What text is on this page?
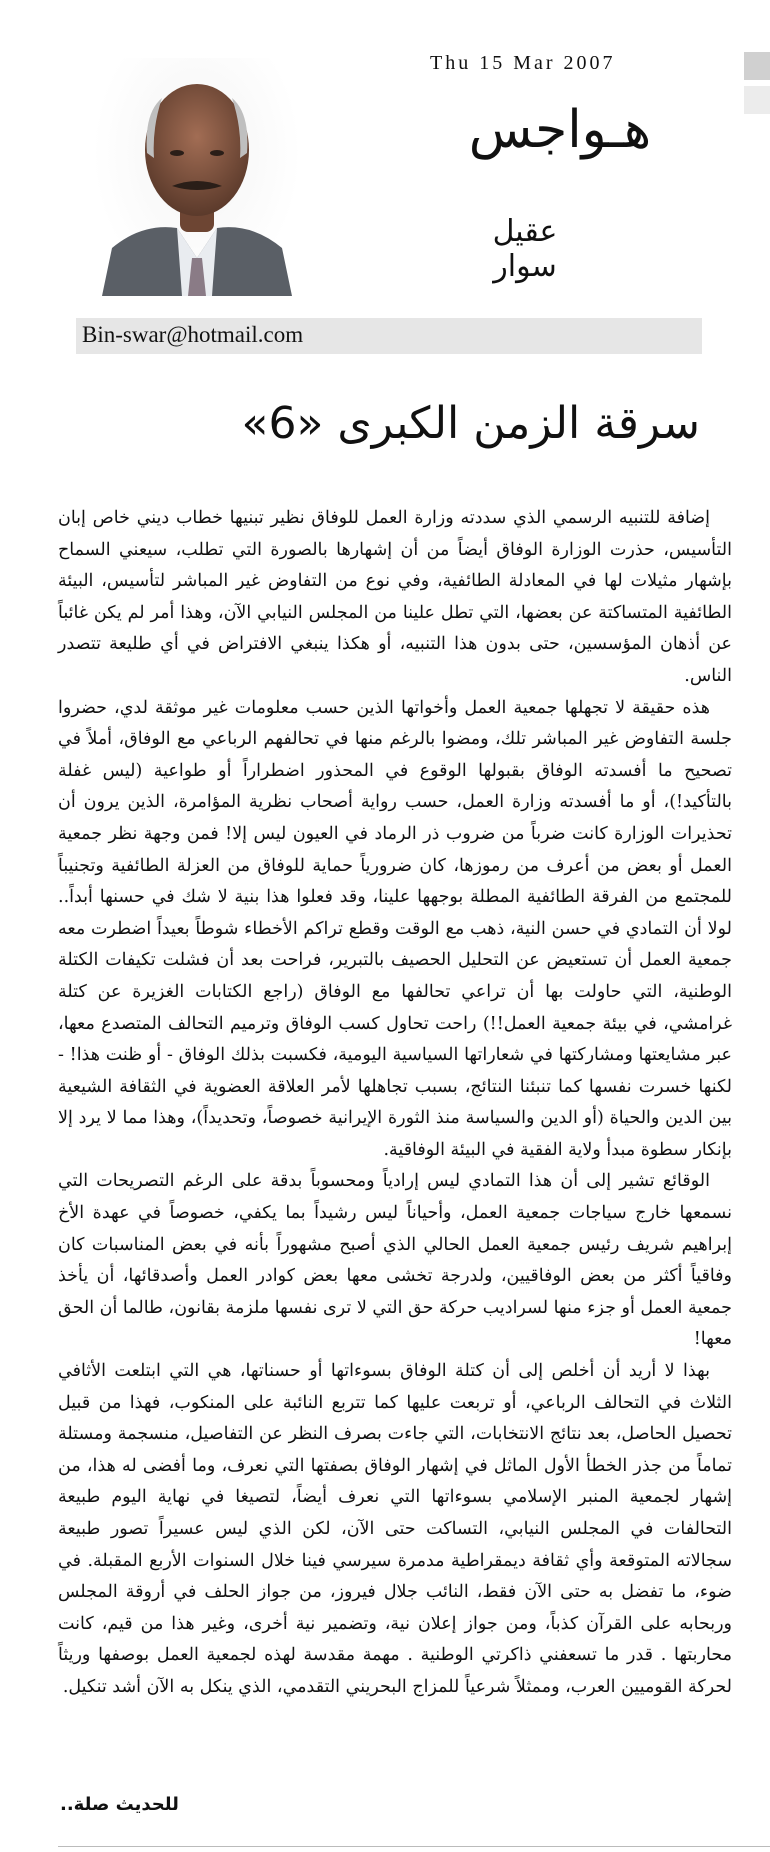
Thu 15 Mar 2007
هـواجس
عقيل سوار
Bin-swar@hotmail.com
سرقة الزمن الكبرى «6»

إضافة للتنبيه الرسمي الذي سددته وزارة العمل للوفاق نظير تبنيها خطاب ديني خاص إبان التأسيس، حذرت الوزارة الوفاق أيضاً من أن إشهارها بالصورة التي تطلب، سيعني السماح بإشهار مثيلات لها في المعادلة الطائفية، وفي نوع من التفاوض غير المباشر لتأسيس، البيئة الطائفية المتساكتة عن بعضها، التي تطل علينا من المجلس النيابي الآن، وهذا أمر لم يكن غائباً عن أذهان المؤسسين، حتى بدون هذا التنبيه، أو هكذا ينبغي الافتراض في أي طليعة تتصدر الناس.

هذه حقيقة لا تجهلها جمعية العمل وأخواتها الذين حسب معلومات غير موثقة لدي، حضروا جلسة التفاوض غير المباشر تلك، ومضوا بالرغم منها في تحالفهم الرباعي مع الوفاق، أملاً في تصحيح ما أفسدته الوفاق بقبولها الوقوع في المحذور اضطراراً أو طواعية (ليس غفلة بالتأكيد!)، أو ما أفسدته وزارة العمل، حسب رواية أصحاب نظرية المؤامرة، الذين يرون أن تحذيرات الوزارة كانت ضرباً من ضروب ذر الرماد في العيون ليس إلا! فمن وجهة نظر جمعية العمل أو بعض من أعرف من رموزها، كان ضرورياً حماية للوفاق من العزلة الطائفية وتجنيباً للمجتمع من الفرقة الطائفية المطلة بوجهها علينا، وقد فعلوا هذا بنية لا شك في حسنها أبداً.. لولا أن التمادي في حسن النية، ذهب مع الوقت وقطع تراكم الأخطاء شوطاً بعيداً اضطرت معه جمعية العمل أن تستعيض عن التحليل الحصيف بالتبرير، فراحت بعد أن فشلت تكيفات الكتلة الوطنية، التي حاولت بها أن تراعي تحالفها مع الوفاق (راجع الكتابات الغزيرة عن كتلة غرامشي، في بيئة جمعية العمل!!) راحت تحاول كسب الوفاق وترميم التحالف المتصدع معها، عبر مشايعتها ومشاركتها في شعاراتها السياسية اليومية، فكسبت بذلك الوفاق - أو ظنت هذا! - لكنها خسرت نفسها كما تنبئنا النتائج، بسبب تجاهلها لأمر العلاقة العضوية في الثقافة الشيعية بين الدين والحياة (أو الدين والسياسة منذ الثورة الإيرانية خصوصاً، وتحديداً)، وهذا مما لا يرد إلا بإنكار سطوة مبدأ ولاية الفقية في البيئة الوفاقية.

الوقائع تشير إلى أن هذا التمادي ليس إرادياً ومحسوباً بدقة على الرغم التصريحات التي نسمعها خارج سياجات جمعية العمل، وأحياناً ليس رشيداً بما يكفي، خصوصاً في عهدة الأخ إبراهيم شريف رئيس جمعية العمل الحالي الذي أصبح مشهوراً بأنه في بعض المناسبات كان وفاقياً أكثر من بعض الوفاقيين، ولدرجة تخشى معها بعض كوادر العمل وأصدقائها، أن يأخذ جمعية العمل أو جزء منها لسراديب حركة حق التي لا ترى نفسها ملزمة بقانون، طالما أن الحق معها!

بهذا لا أريد أن أخلص إلى أن كتلة الوفاق بسوءاتها أو حسناتها، هي التي ابتلعت الأثافي الثلاث في التحالف الرباعي، أو تربعت عليها كما تتربع النائبة على المنكوب، فهذا من قبيل تحصيل الحاصل، بعد نتائج الانتخابات، التي جاءت بصرف النظر عن التفاصيل، منسجمة ومستلة تماماً من جذر الخطأ الأول الماثل في إشهار الوفاق بصفتها التي نعرف، وما أفضى له هذا، من إشهار لجمعية المنبر الإسلامي بسوءاتها التي نعرف أيضاً، لتصيغا في نهاية اليوم طبيعة التحالفات في المجلس النيابي، التساكت حتى الآن، لكن الذي ليس عسيراً تصور طبيعة سجالاته المتوقعة وأي ثقافة ديمقراطية مدمرة سيرسي فينا خلال السنوات الأربع المقبلة. في ضوء، ما تفضل به حتى الآن فقط، النائب جلال فيروز، من جواز الحلف في أروقة المجلس وربحابه على القرآن كذباً، ومن جواز إعلان نية، وتضمير نية أخرى، وغير هذا من قيم، كانت محاربتها . قدر ما تسعفني ذاكرتي الوطنية . مهمة مقدسة لهذه لجمعية العمل بوصفها وريثاً لحركة القوميين العرب، وممثلاً شرعياً للمزاج البحريني التقدمي، الذي ينكل به الآن أشد تنكيل.

للحديث صلة..
